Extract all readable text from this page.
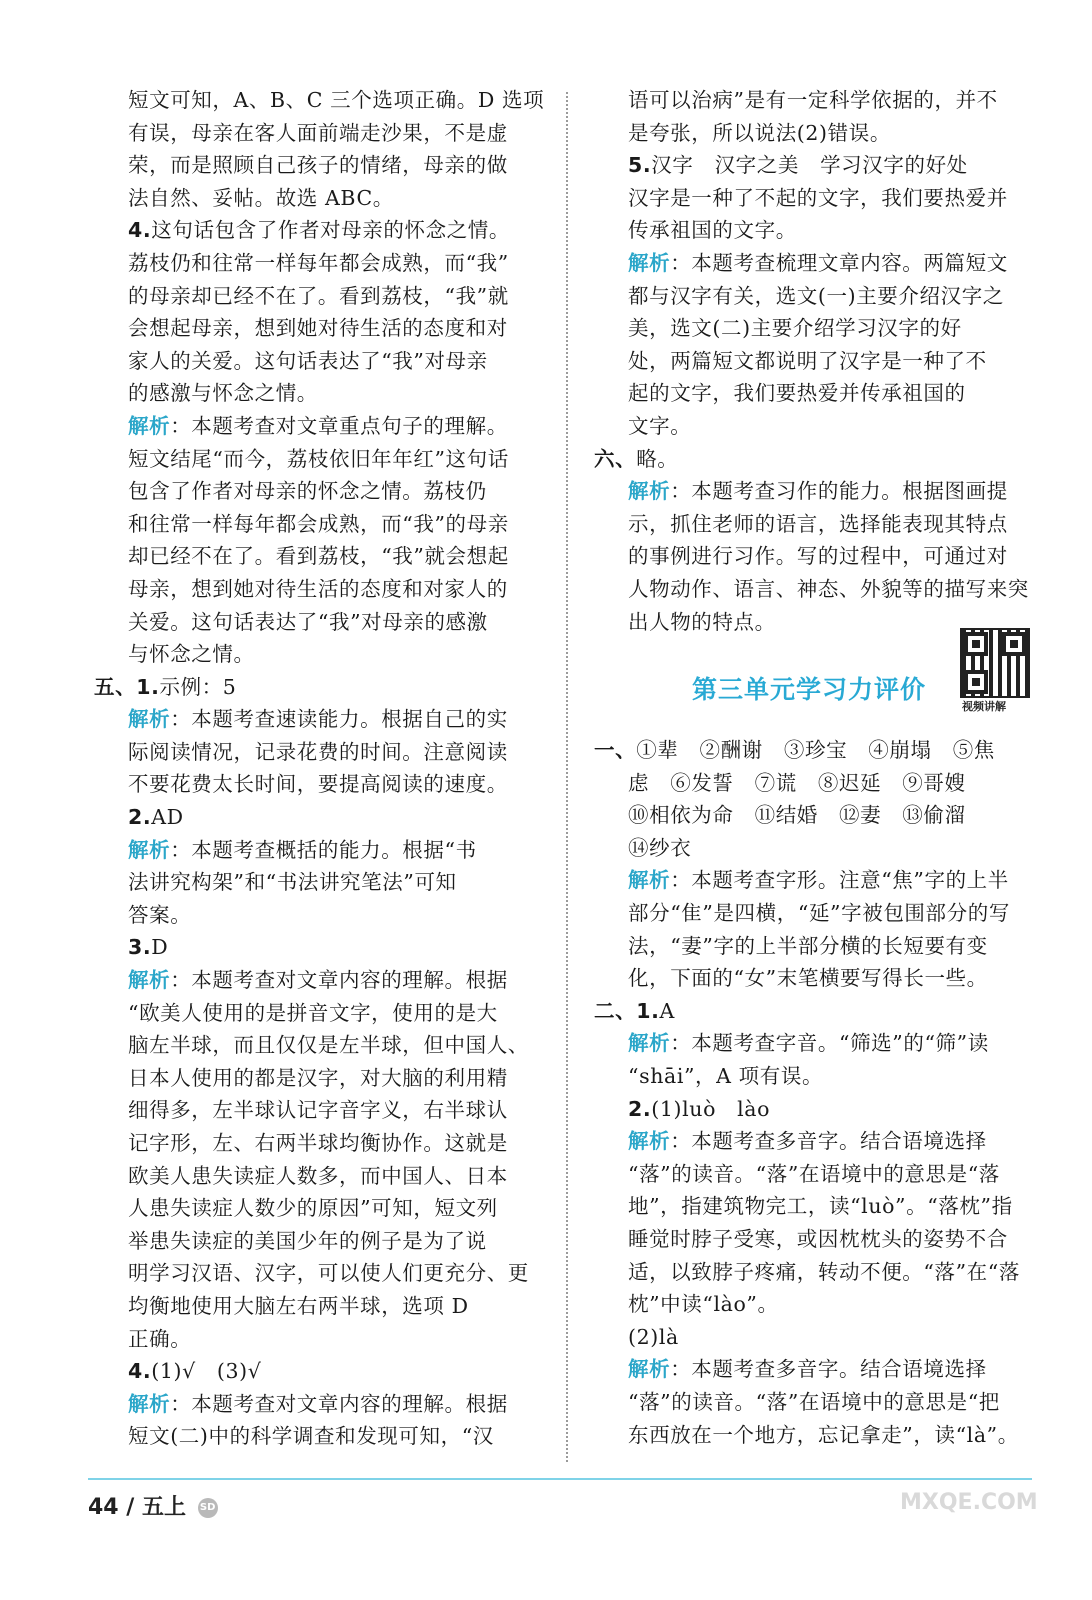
短文可知，A、B、C 三个选项正确。D 选项
有误，母亲在客人面前端走沙果，不是虚
荣，而是照顾自己孩子的情绪，母亲的做
法自然、妥帖。故选 ABC。
4.这句话包含了作者对母亲的怀念之情。
荔枝仍和往常一样每年都会成熟，而“我”
的母亲却已经不在了。看到荔枝，“我”就
会想起母亲，想到她对待生活的态度和对
家人的关爱。这句话表达了“我”对母亲
的感激与怀念之情。
解析：本题考查对文章重点句子的理解。
短文结尾“而今，荔枝依旧年年红”这句话
包含了作者对母亲的怀念之情。荔枝仍
和往常一样每年都会成熟，而“我”的母亲
却已经不在了。看到荔枝，“我”就会想起
母亲，想到她对待生活的态度和对家人的
关爱。这句话表达了“我”对母亲的感激
与怀念之情。
五、1.示例：5
解析：本题考查速读能力。根据自己的实
际阅读情况，记录花费的时间。注意阅读
不要花费太长时间，要提高阅读的速度。
2.AD
解析：本题考查概括的能力。根据“书
法讲究构架”和“书法讲究笔法”可知
答案。
3.D
解析：本题考查对文章内容的理解。根据
“欧美人使用的是拼音文字，使用的是大
脑左半球，而且仅仅是左半球，但中国人、
日本人使用的都是汉字，对大脑的利用精
细得多，左半球认记字音字义，右半球认
记字形，左、右两半球均衡协作。这就是
欧美人患失读症人数多，而中国人、日本
人患失读症人数少的原因”可知，短文列
举患失读症的美国少年的例子是为了说
明学习汉语、汉字，可以使人们更充分、更
均衡地使用大脑左右两半球，选项 D
正确。
4.(1)√　(3)√
解析：本题考查对文章内容的理解。根据
短文(二)中的科学调查和发现可知，“汉
语可以治病”是有一定科学依据的，并不
是夸张，所以说法(2)错误。
5.汉字　汉字之美　学习汉字的好处
汉字是一种了不起的文字，我们要热爱并
传承祖国的文字。
解析：本题考查梳理文章内容。两篇短文
都与汉字有关，选文(一)主要介绍汉字之
美，选文(二)主要介绍学习汉字的好
处，两篇短文都说明了汉字是一种了不
起的文字，我们要热爱并传承祖国的
文字。
六、略。
解析：本题考查习作的能力。根据图画提
示，抓住老师的语言，选择能表现其特点
的事例进行习作。写的过程中，可通过对
人物动作、语言、神态、外貌等的描写来突
出人物的特点。
第三单元学习力评价
视频讲解
一、①辈　②酬谢　③珍宝　④崩塌　⑤焦
虑　⑥发誓　⑦谎　⑧迟延　⑨哥嫂
⑩相依为命　⑪结婚　⑫妻　⑬偷溜
⑭纱衣
解析：本题考查字形。注意“焦”字的上半
部分“隹”是四横，“延”字被包围部分的写
法，“妻”字的上半部分横的长短要有变
化，下面的“女”末笔横要写得长一些。
二、1.A
解析：本题考查字音。“筛选”的“筛”读
“shāi”，A 项有误。
2.(1)luò　lào
解析：本题考查多音字。结合语境选择
“落”的读音。“落”在语境中的意思是“落
地”，指建筑物完工，读“luò”。“落枕”指
睡觉时脖子受寒，或因枕枕头的姿势不合
适，以致脖子疼痛，转动不便。“落”在“落
枕”中读“lào”。
(2)là
解析：本题考查多音字。结合语境选择
“落”的读音。“落”在语境中的意思是“把
东西放在一个地方，忘记拿走”，读“là”。
44 / 五上 SD	MXQE.COM
